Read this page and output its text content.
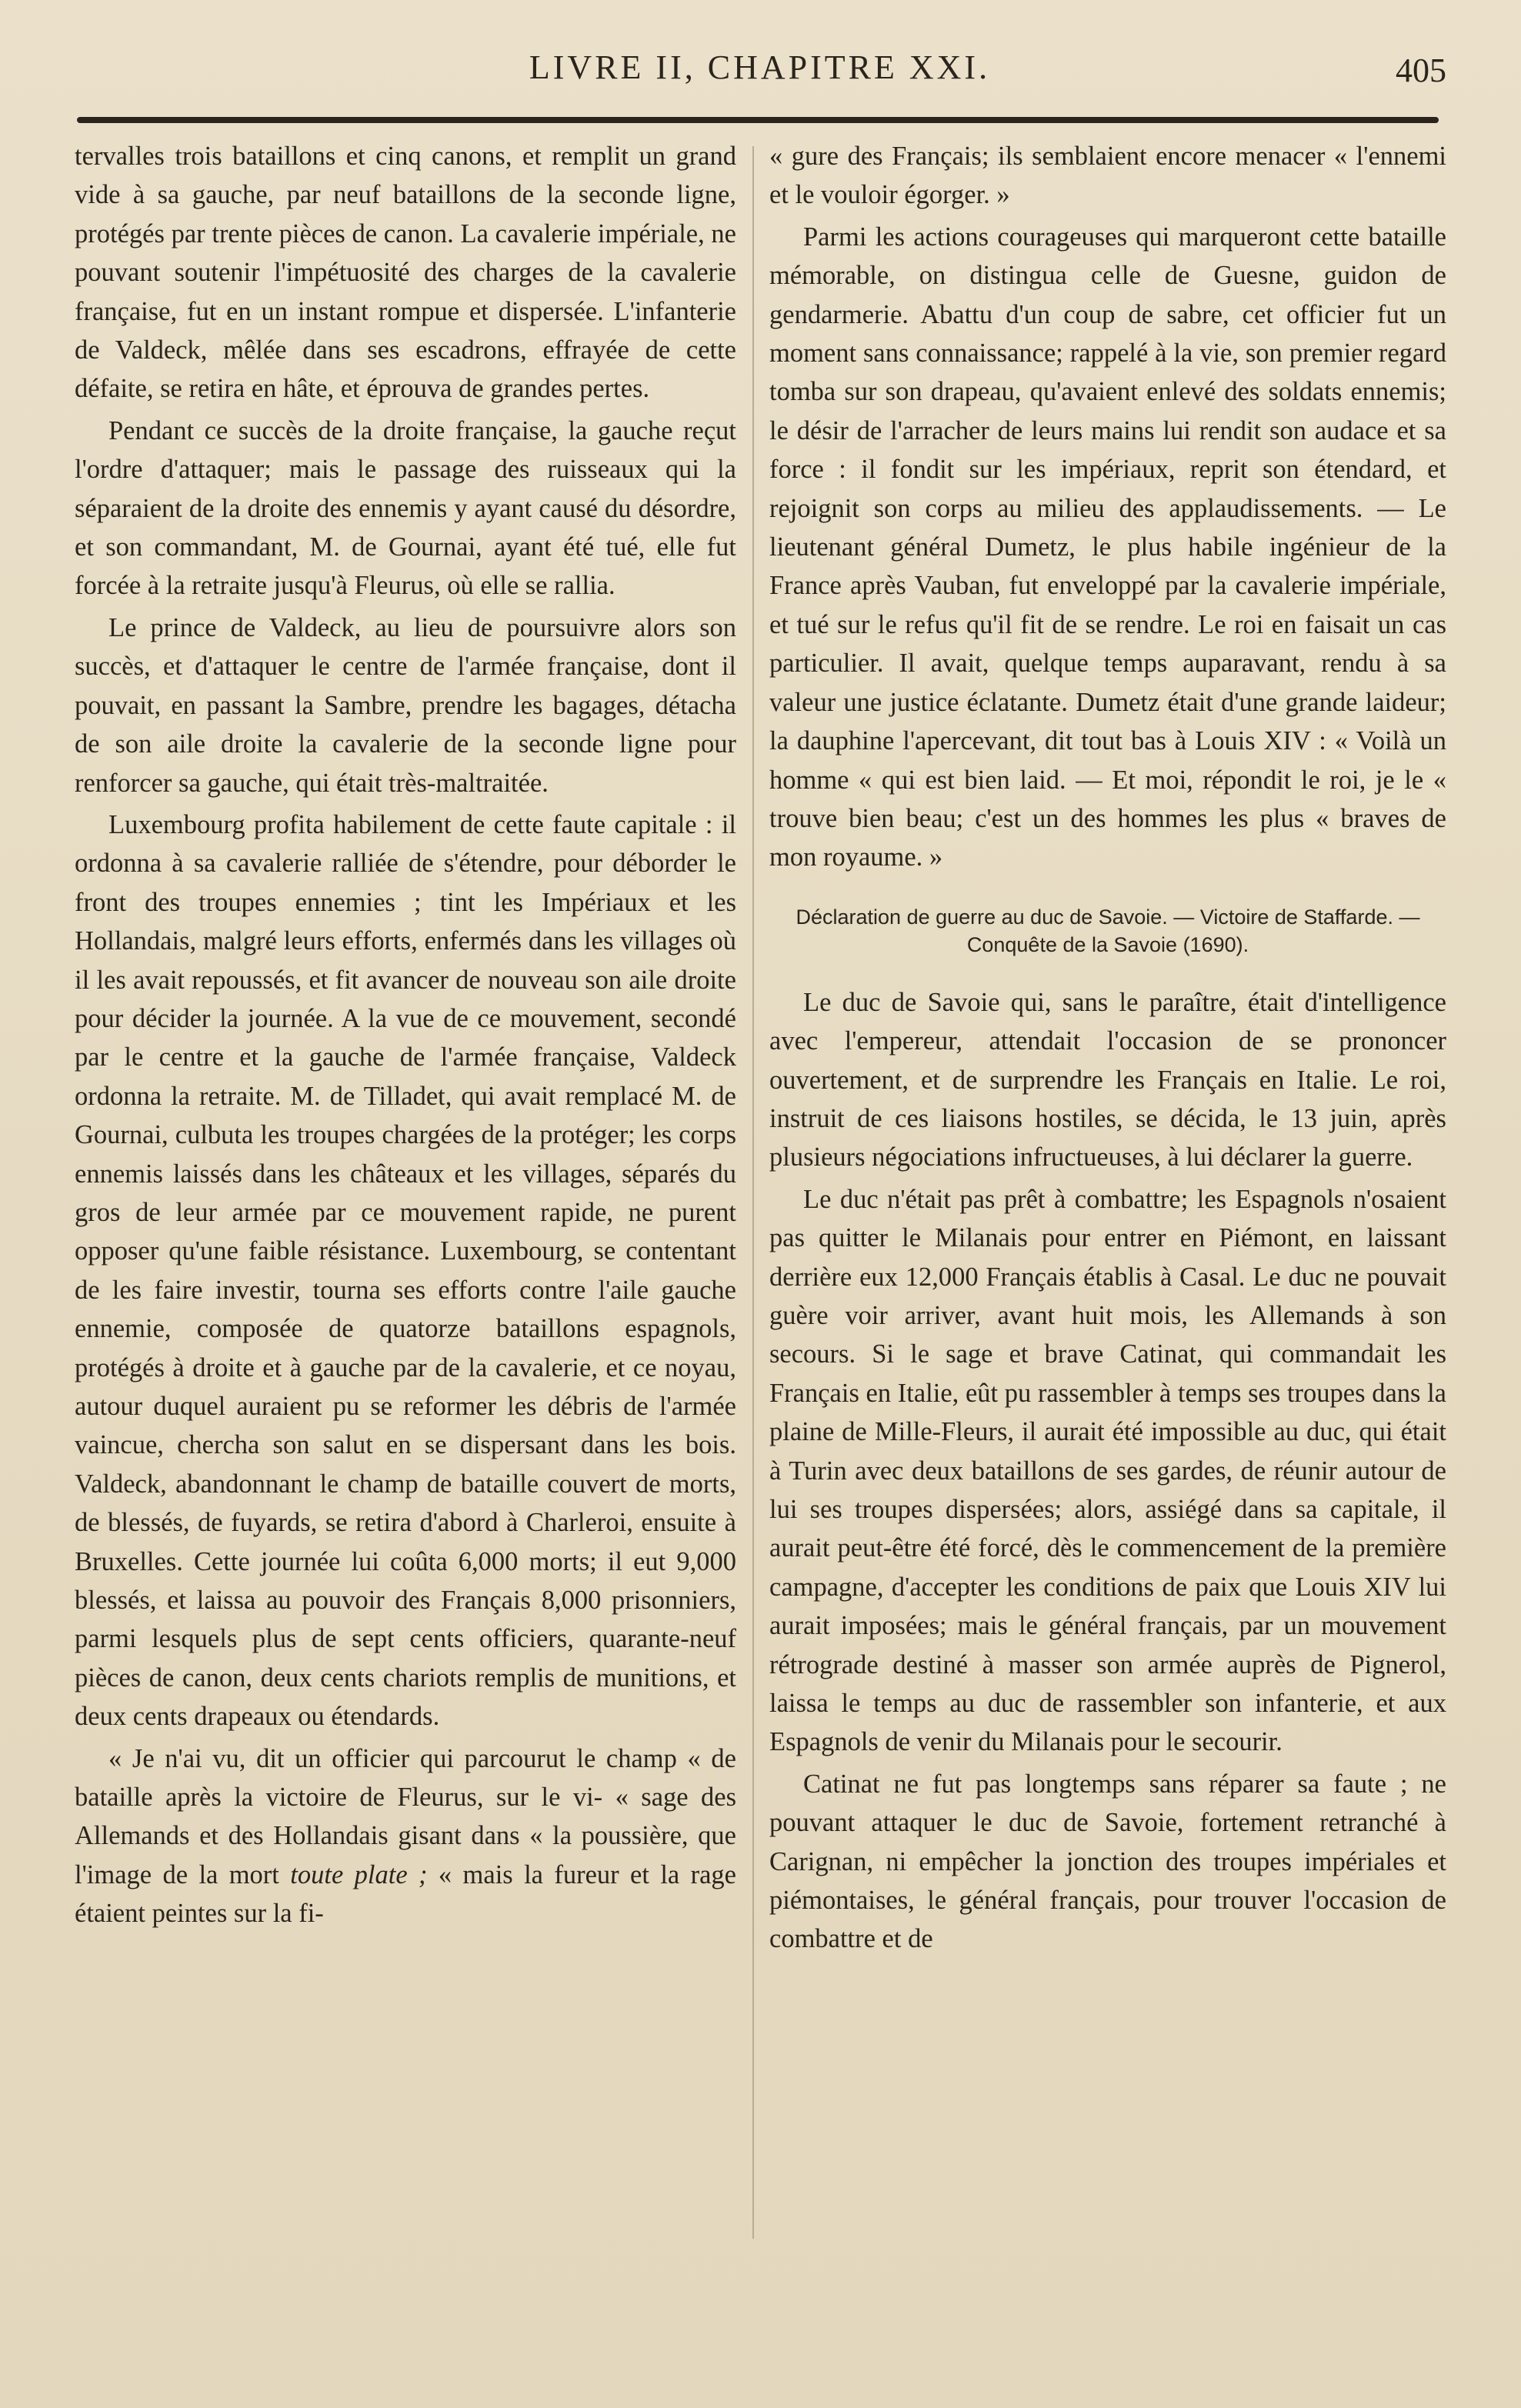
LIVRE II, CHAPITRE XXI.	405

tervalles trois bataillons et cinq canons, et remplit un grand vide à sa gauche, par neuf bataillons de la seconde ligne, protégés par trente pièces de canon. La cavalerie impériale, ne pouvant soutenir l'impétuosité des charges de la cavalerie française, fut en un instant rompue et dispersée. L'infanterie de Valdeck, mêlée dans ses escadrons, effrayée de cette défaite, se retira en hâte, et éprouva de grandes pertes.

Pendant ce succès de la droite française, la gauche reçut l'ordre d'attaquer; mais le passage des ruisseaux qui la séparaient de la droite des ennemis y ayant causé du désordre, et son commandant, M. de Gournai, ayant été tué, elle fut forcée à la retraite jusqu'à Fleurus, où elle se rallia.

Le prince de Valdeck, au lieu de poursuivre alors son succès, et d'attaquer le centre de l'armée française, dont il pouvait, en passant la Sambre, prendre les bagages, détacha de son aile droite la cavalerie de la seconde ligne pour renforcer sa gauche, qui était très-maltraitée.

Luxembourg profita habilement de cette faute capitale : il ordonna à sa cavalerie ralliée de s'étendre, pour déborder le front des troupes ennemies ; tint les Impériaux et les Hollandais, malgré leurs efforts, enfermés dans les villages où il les avait repoussés, et fit avancer de nouveau son aile droite pour décider la journée. A la vue de ce mouvement, secondé par le centre et la gauche de l'armée française, Valdeck ordonna la retraite. M. de Tilladet, qui avait remplacé M. de Gournai, culbuta les troupes chargées de la protéger; les corps ennemis laissés dans les châteaux et les villages, séparés du gros de leur armée par ce mouvement rapide, ne purent opposer qu'une faible résistance. Luxembourg, se contentant de les faire investir, tourna ses efforts contre l'aile gauche ennemie, composée de quatorze bataillons espagnols, protégés à droite et à gauche par de la cavalerie, et ce noyau, autour duquel auraient pu se reformer les débris de l'armée vaincue, chercha son salut en se dispersant dans les bois. Valdeck, abandonnant le champ de bataille couvert de morts, de blessés, de fuyards, se retira d'abord à Charleroi, ensuite à Bruxelles. Cette journée lui coûta 6,000 morts; il eut 9,000 blessés, et laissa au pouvoir des Français 8,000 prisonniers, parmi lesquels plus de sept cents officiers, quarante-neuf pièces de canon, deux cents chariots remplis de munitions, et deux cents drapeaux ou étendards.

« Je n'ai vu, dit un officier qui parcourut le champ « de bataille après la victoire de Fleurus, sur le vi- « sage des Allemands et des Hollandais gisant dans « la poussière, que l'image de la mort toute plate ; « mais la fureur et la rage étaient peintes sur la fi-

« gure des Français; ils semblaient encore menacer « l'ennemi et le vouloir égorger. »

Parmi les actions courageuses qui marqueront cette bataille mémorable, on distingua celle de Guesne, guidon de gendarmerie. Abattu d'un coup de sabre, cet officier fut un moment sans connaissance; rappelé à la vie, son premier regard tomba sur son drapeau, qu'avaient enlevé des soldats ennemis; le désir de l'arracher de leurs mains lui rendit son audace et sa force : il fondit sur les impériaux, reprit son étendard, et rejoignit son corps au milieu des applaudissements. — Le lieutenant général Dumetz, le plus habile ingénieur de la France après Vauban, fut enveloppé par la cavalerie impériale, et tué sur le refus qu'il fit de se rendre. Le roi en faisait un cas particulier. Il avait, quelque temps auparavant, rendu à sa valeur une justice éclatante. Dumetz était d'une grande laideur; la dauphine l'apercevant, dit tout bas à Louis XIV : « Voilà un homme « qui est bien laid. — Et moi, répondit le roi, je le « trouve bien beau; c'est un des hommes les plus « braves de mon royaume. »

Déclaration de guerre au duc de Savoie. — Victoire de Staffarde. — Conquête de la Savoie (1690).

Le duc de Savoie qui, sans le paraître, était d'intelligence avec l'empereur, attendait l'occasion de se prononcer ouvertement, et de surprendre les Français en Italie. Le roi, instruit de ces liaisons hostiles, se décida, le 13 juin, après plusieurs négociations infructueuses, à lui déclarer la guerre.

Le duc n'était pas prêt à combattre; les Espagnols n'osaient pas quitter le Milanais pour entrer en Piémont, en laissant derrière eux 12,000 Français établis à Casal. Le duc ne pouvait guère voir arriver, avant huit mois, les Allemands à son secours. Si le sage et brave Catinat, qui commandait les Français en Italie, eût pu rassembler à temps ses troupes dans la plaine de Mille-Fleurs, il aurait été impossible au duc, qui était à Turin avec deux bataillons de ses gardes, de réunir autour de lui ses troupes dispersées; alors, assiégé dans sa capitale, il aurait peut-être été forcé, dès le commencement de la première campagne, d'accepter les conditions de paix que Louis XIV lui aurait imposées; mais le général français, par un mouvement rétrograde destiné à masser son armée auprès de Pignerol, laissa le temps au duc de rassembler son infanterie, et aux Espagnols de venir du Milanais pour le secourir.

Catinat ne fut pas longtemps sans réparer sa faute ; ne pouvant attaquer le duc de Savoie, fortement retranché à Carignan, ni empêcher la jonction des troupes impériales et piémontaises, le général français, pour trouver l'occasion de combattre et de
